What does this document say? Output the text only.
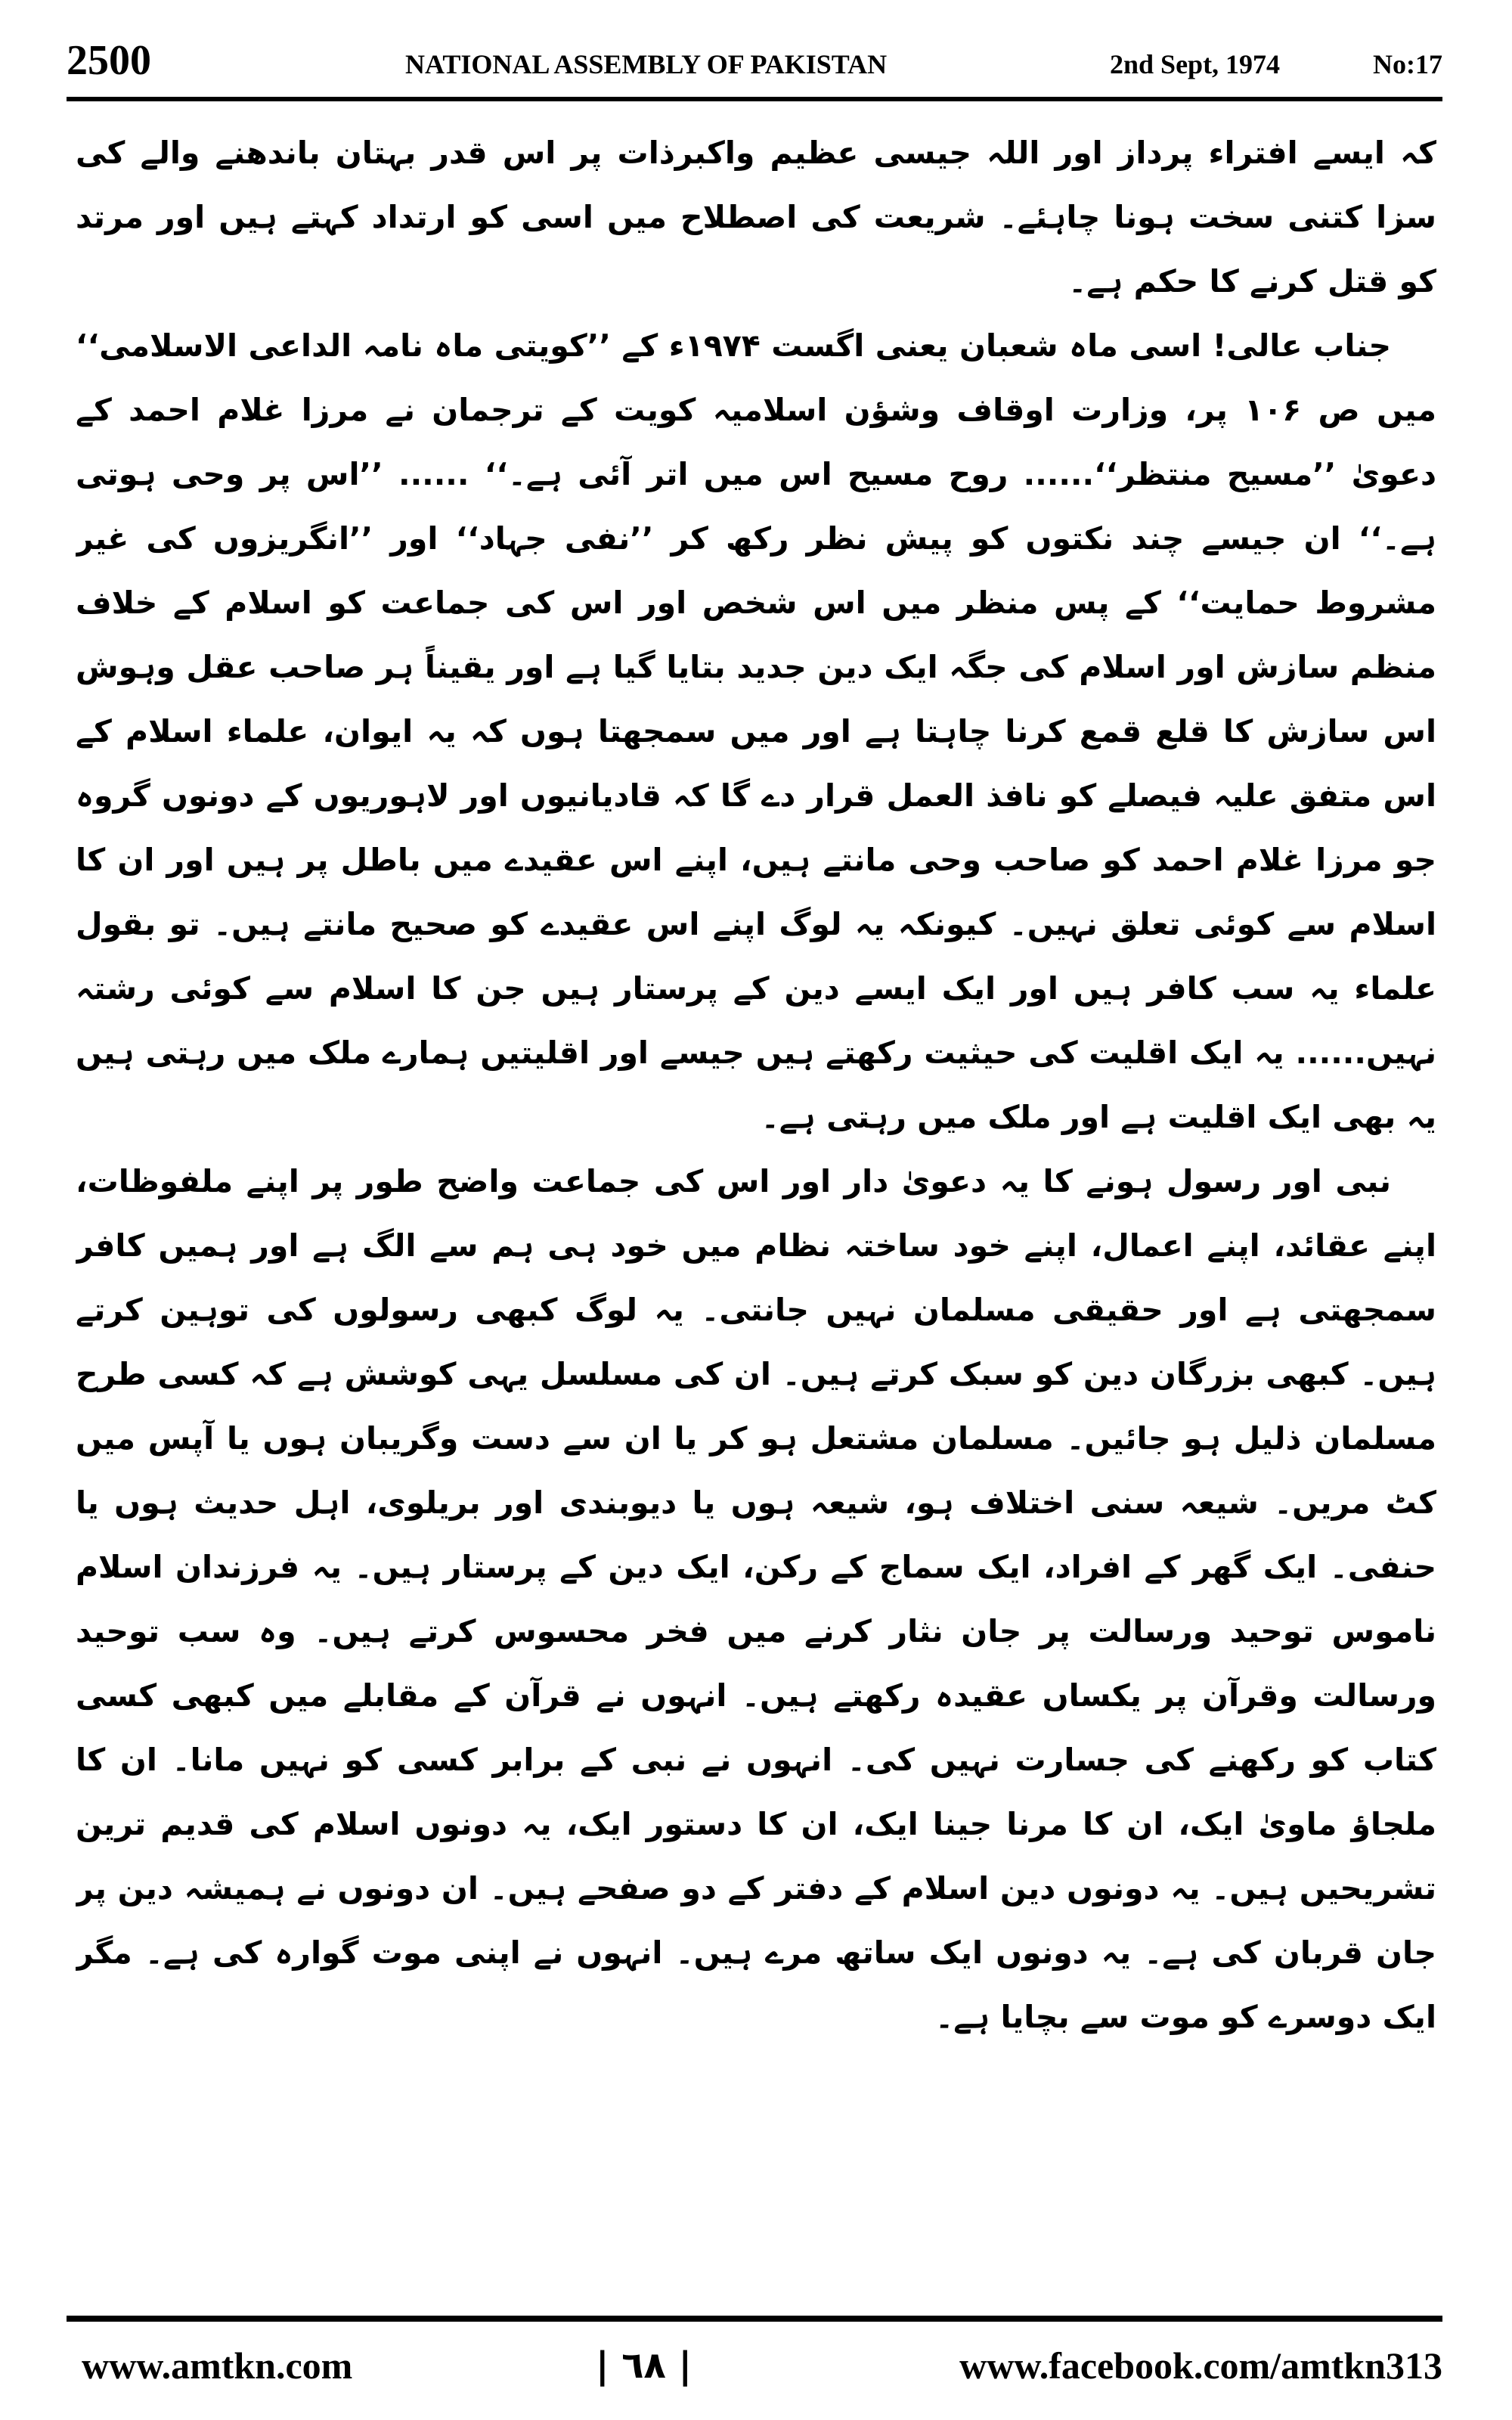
2500	NATIONAL ASSEMBLY OF PAKISTAN	2nd Sept, 1974	No:17

کہ ایسے افتراء پرداز اور اللہ جیسی عظیم واکبرذات پر اس قدر بہتان باندھنے والے کی سزا کتنی سخت ہونا چاہئے۔ شریعت کی اصطلاح میں اسی کو ارتداد کہتے ہیں اور مرتد کو قتل کرنے کا حکم ہے۔

جناب عالی! اسی ماہ شعبان یعنی اگست ۱۹۷۴ء کے ’’کویتی ماہ نامہ الداعی الاسلامی‘‘ میں ص ۱۰۶ پر، وزارت اوقاف وشؤن اسلامیہ کویت کے ترجمان نے مرزا غلام احمد کے دعویٰ ’’مسیح منتظر‘‘...... روح مسیح اس میں اتر آئی ہے۔‘‘ ...... ’’اس پر وحی ہوتی ہے۔‘‘ ان جیسے چند نکتوں کو پیش نظر رکھ کر ’’نفی جہاد‘‘ اور ’’انگریزوں کی غیر مشروط حمایت‘‘ کے پس منظر میں اس شخص اور اس کی جماعت کو اسلام کے خلاف منظم سازش اور اسلام کی جگہ ایک دین جدید بتایا گیا ہے اور یقیناً ہر صاحب عقل وہوش اس سازش کا قلع قمع کرنا چاہتا ہے اور میں سمجھتا ہوں کہ یہ ایوان، علماء اسلام کے اس متفق علیہ فیصلے کو نافذ العمل قرار دے گا کہ قادیانیوں اور لاہوریوں کے دونوں گروہ جو مرزا غلام احمد کو صاحب وحی مانتے ہیں، اپنے اس عقیدے میں باطل پر ہیں اور ان کا اسلام سے کوئی تعلق نہیں۔ کیونکہ یہ لوگ اپنے اس عقیدے کو صحیح مانتے ہیں۔ تو بقول علماء یہ سب کافر ہیں اور ایک ایسے دین کے پرستار ہیں جن کا اسلام سے کوئی رشتہ نہیں...... یہ ایک اقلیت کی حیثیت رکھتے ہیں جیسے اور اقلیتیں ہمارے ملک میں رہتی ہیں یہ بھی ایک اقلیت ہے اور ملک میں رہتی ہے۔

نبی اور رسول ہونے کا یہ دعویٰ دار اور اس کی جماعت واضح طور پر اپنے ملفوظات، اپنے عقائد، اپنے اعمال، اپنے خود ساختہ نظام میں خود ہی ہم سے الگ ہے اور ہمیں کافر سمجھتی ہے اور حقیقی مسلمان نہیں جانتی۔ یہ لوگ کبھی رسولوں کی توہین کرتے ہیں۔ کبھی بزرگان دین کو سبک کرتے ہیں۔ ان کی مسلسل یہی کوشش ہے کہ کسی طرح مسلمان ذلیل ہو جائیں۔ مسلمان مشتعل ہو کر یا ان سے دست وگریبان ہوں یا آپس میں کٹ مریں۔ شیعہ سنی اختلاف ہو، شیعہ ہوں یا دیوبندی اور بریلوی، اہل حدیث ہوں یا حنفی۔ ایک گھر کے افراد، ایک سماج کے رکن، ایک دین کے پرستار ہیں۔ یہ فرزندان اسلام ناموس توحید ورسالت پر جان نثار کرنے میں فخر محسوس کرتے ہیں۔ وہ سب توحید ورسالت وقرآن پر یکساں عقیدہ رکھتے ہیں۔ انہوں نے قرآن کے مقابلے میں کبھی کسی کتاب کو رکھنے کی جسارت نہیں کی۔ انہوں نے نبی کے برابر کسی کو نہیں مانا۔ ان کا ملجاؤ ماویٰ ایک، ان کا مرنا جینا ایک، ان کا دستور ایک، یہ دونوں اسلام کی قدیم ترین تشریحیں ہیں۔ یہ دونوں دین اسلام کے دفتر کے دو صفحے ہیں۔ ان دونوں نے ہمیشہ دین پر جان قربان کی ہے۔ یہ دونوں ایک ساتھ مرے ہیں۔ انہوں نے اپنی موت گوارہ کی ہے۔ مگر ایک دوسرے کو موت سے بچایا ہے۔

www.amtkn.com	| ٦٨ |	www.facebook.com/amtkn313
